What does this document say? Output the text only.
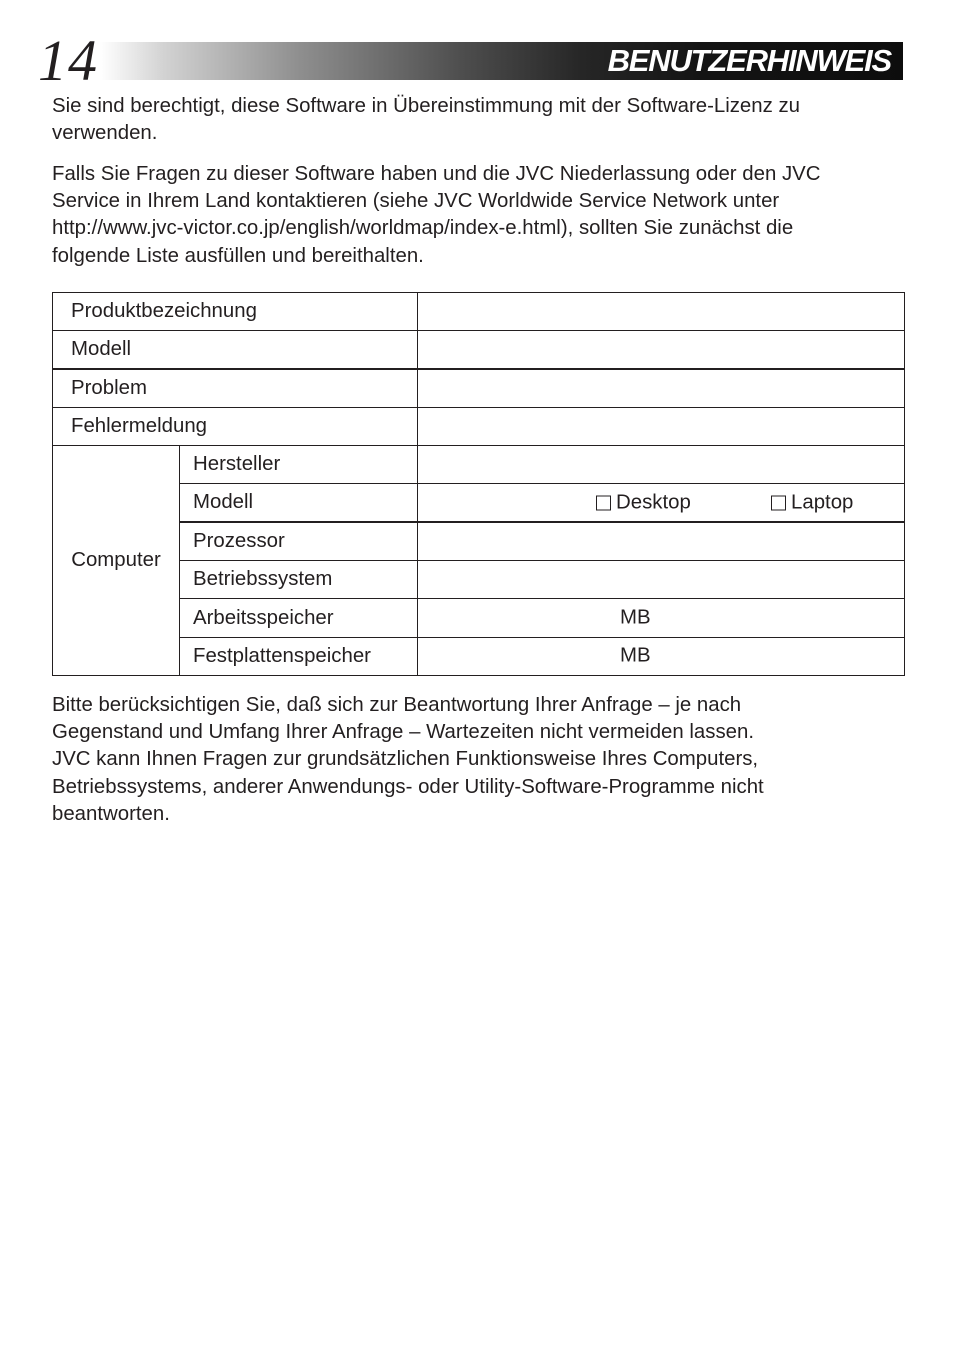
14	BENUTZERHINWEIS
Sie sind berechtigt, diese Software in Übereinstimmung mit der Software-Lizenz zu
verwenden.
Falls Sie Fragen zu dieser Software haben und die JVC Niederlassung oder den JVC
Service in Ihrem Land kontaktieren (siehe JVC Worldwide Service Network unter
http://www.jvc-victor.co.jp/english/worldmap/index-e.html), sollten Sie zunächst die
folgende Liste ausfüllen und bereithalten.
Produktbezeichnung		
Modell		
Problem		
Fehlermeldung		
Computer	Hersteller	
	Modell	Desktop Laptop

	Prozessor	
	Betriebssystem	
	Arbeitsspeicher	MB

	Festplattenspeicher	MB
Bitte berücksichtigen Sie, daß sich zur Beantwortung Ihrer Anfrage – je nach
Gegenstand und Umfang Ihrer Anfrage – Wartezeiten nicht vermeiden lassen.
JVC kann Ihnen Fragen zur grundsätzlichen Funktionsweise Ihres Computers,
Betriebssystems, anderer Anwendungs- oder Utility-Software-Programme nicht
beantworten.
